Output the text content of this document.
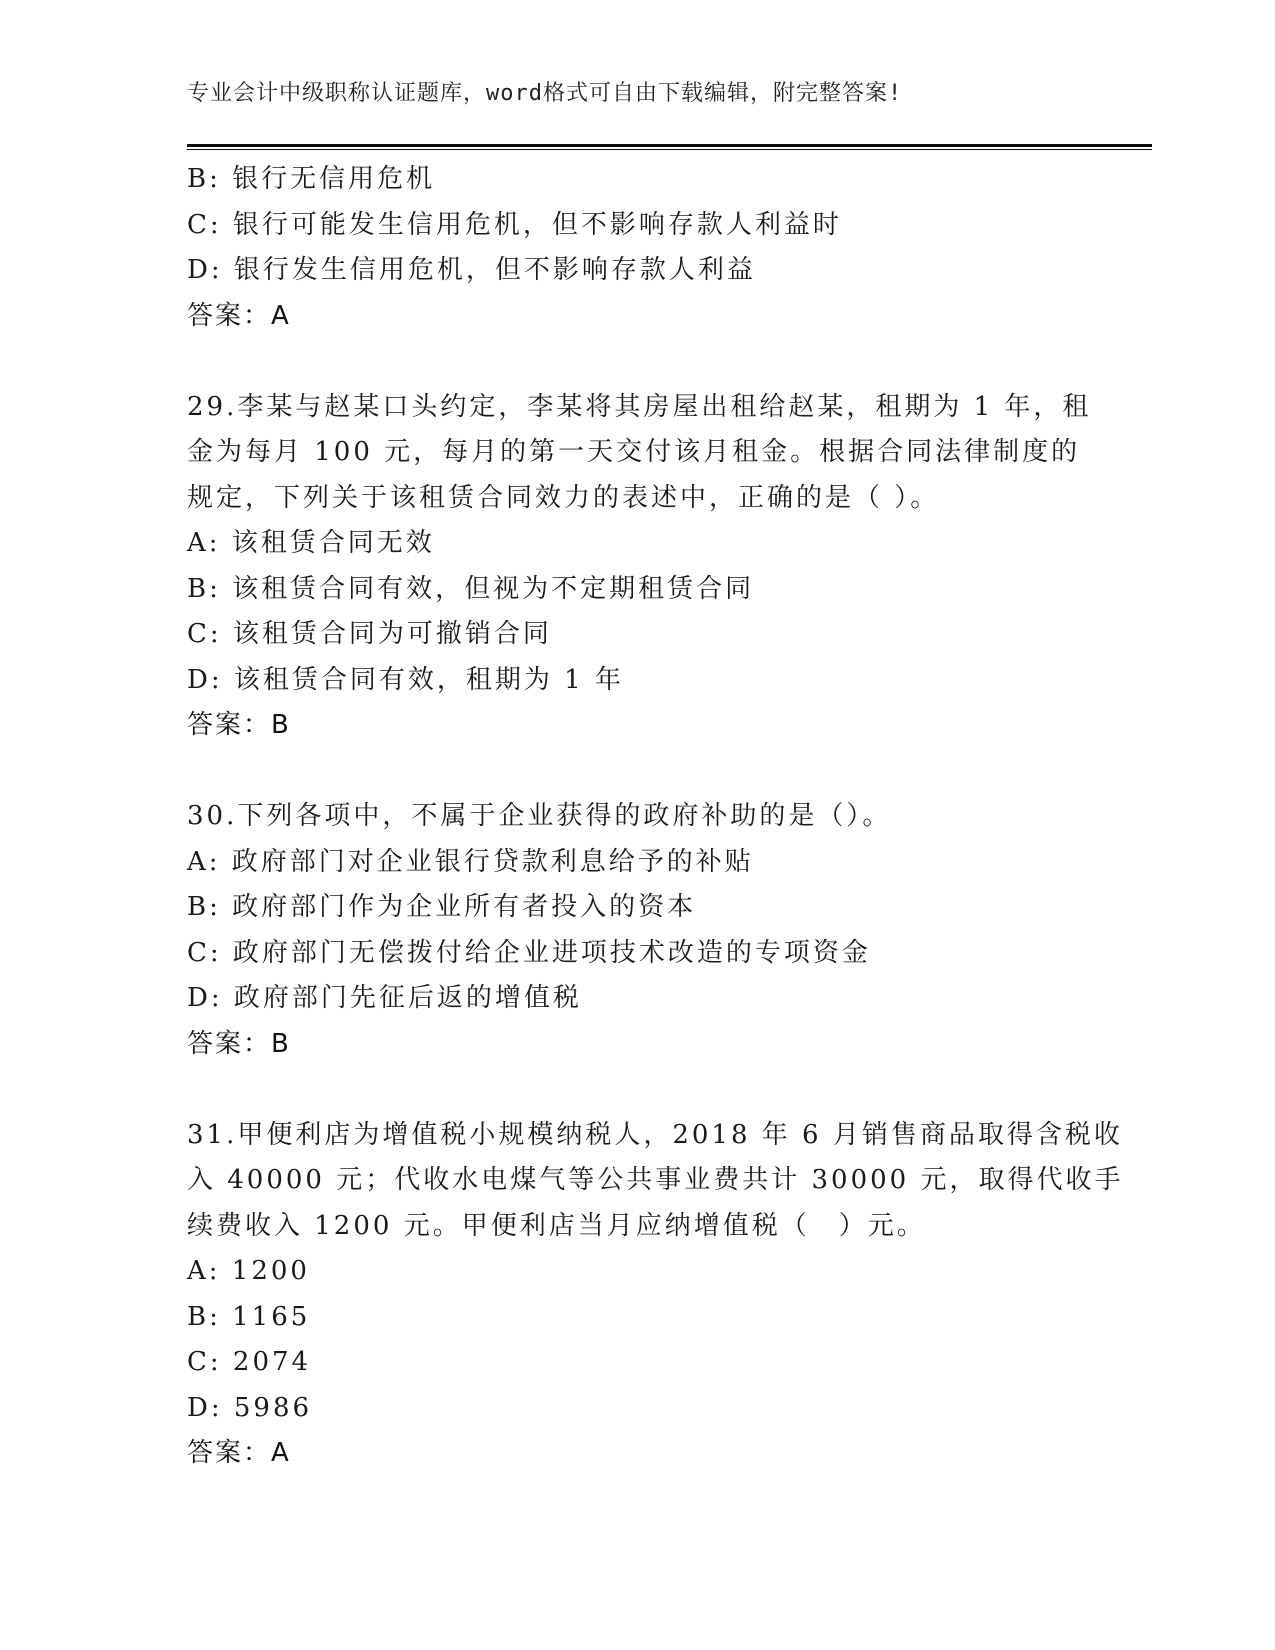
专业会计中级职称认证题库，word格式可自由下载编辑，附完整答案!
B: 银行无信用危机
C: 银行可能发生信用危机，但不影响存款人利益时
D: 银行发生信用危机，但不影响存款人利益
答案：A
29.李某与赵某口头约定，李某将其房屋出租给赵某，租期为 1 年，租
金为每月 100 元，每月的第一天交付该月租金。根据合同法律制度的
规定，下列关于该租赁合同效力的表述中，正确的是（ ）。
A: 该租赁合同无效
B: 该租赁合同有效，但视为不定期租赁合同
C: 该租赁合同为可撤销合同
D: 该租赁合同有效，租期为 1 年
答案：B
30.下列各项中，不属于企业获得的政府补助的是（）。
A: 政府部门对企业银行贷款利息给予的补贴
B: 政府部门作为企业所有者投入的资本
C: 政府部门无偿拨付给企业进项技术改造的专项资金
D: 政府部门先征后返的增值税
答案：B
31.甲便利店为增值税小规模纳税人，2018 年 6 月销售商品取得含税收
入 40000 元；代收水电煤气等公共事业费共计 30000 元，取得代收手
续费收入 1200 元。甲便利店当月应纳增值税（　）元。
A: 1200
B: 1165
C: 2074
D: 5986
答案：A
